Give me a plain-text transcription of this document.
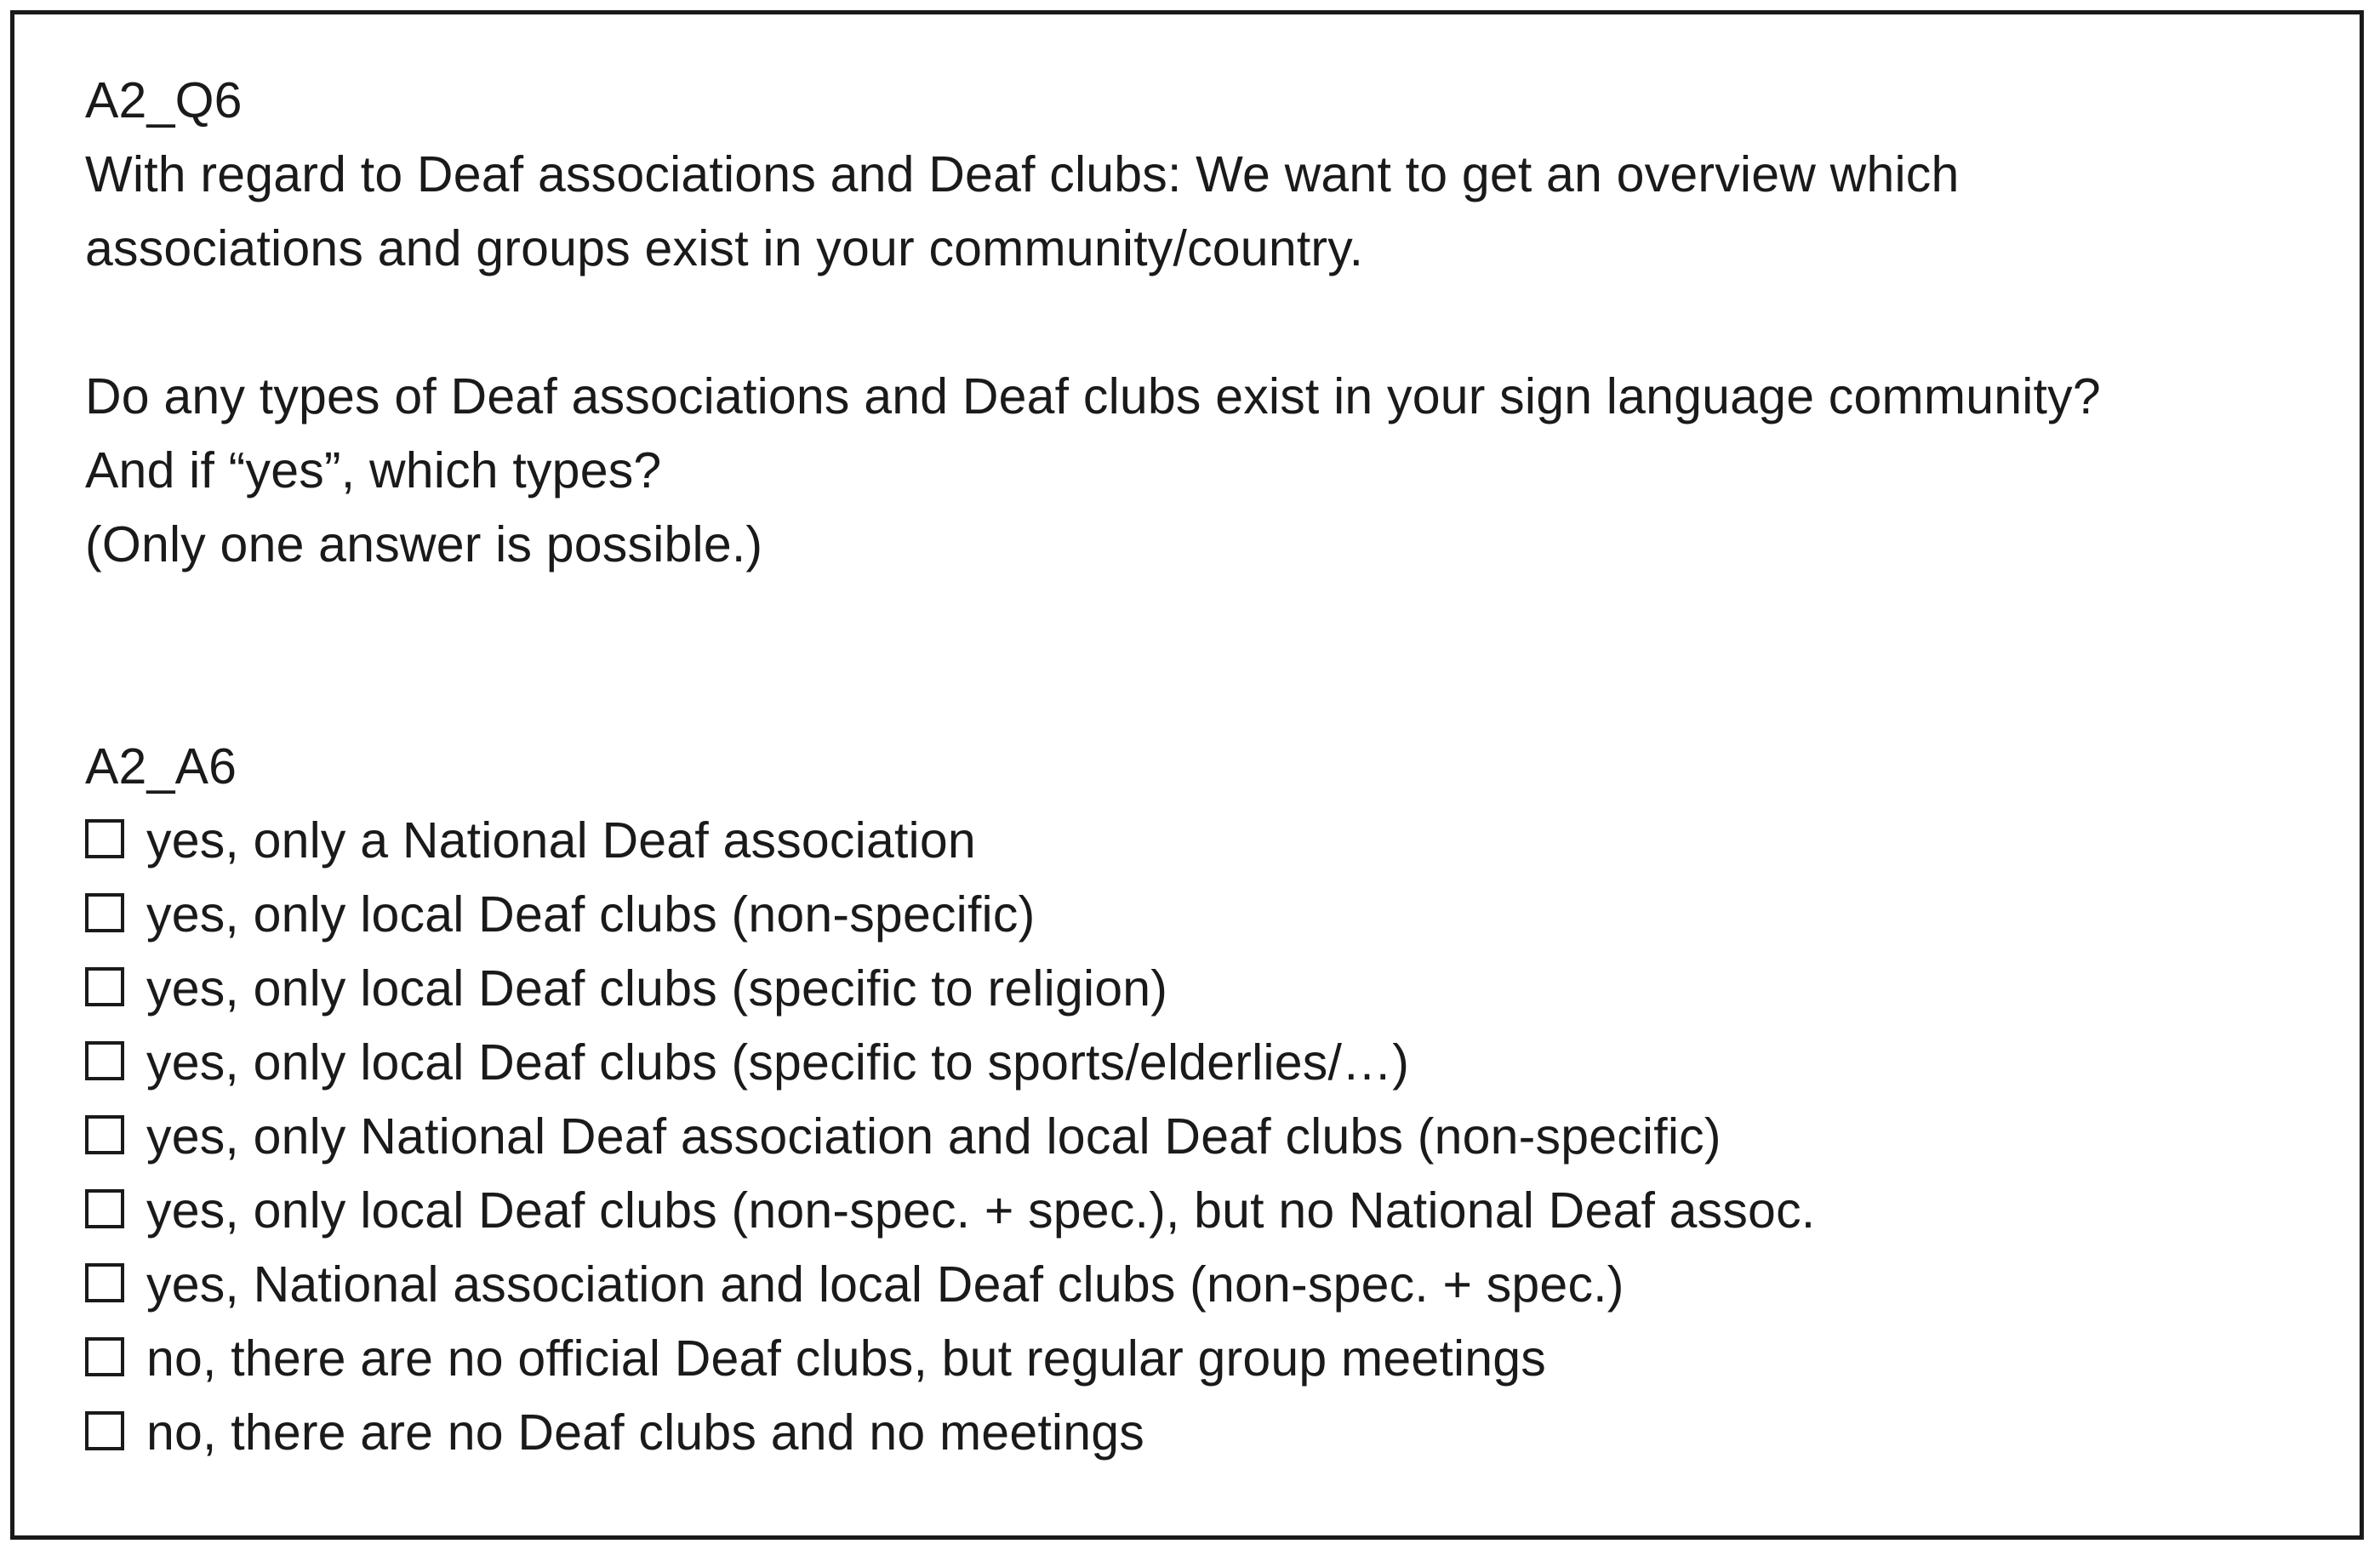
A2_Q6
With regard to Deaf associations and Deaf clubs: We want to get an overview which
associations and groups exist in your community/country.
Do any types of Deaf associations and Deaf clubs exist in your sign language community?
And if “yes”, which types?
(Only one answer is possible.)
A2_A6
yes, only a National Deaf association
yes, only local Deaf clubs (non-specific)
yes, only local Deaf clubs (specific to religion)
yes, only local Deaf clubs (specific to sports/elderlies/…)
yes, only National Deaf association and local Deaf clubs (non-specific)
yes, only local Deaf clubs (non-spec. + spec.), but no National Deaf assoc.
yes, National association and local Deaf clubs (non-spec. + spec.)
no, there are no official Deaf clubs, but regular group meetings
no, there are no Deaf clubs and no meetings
